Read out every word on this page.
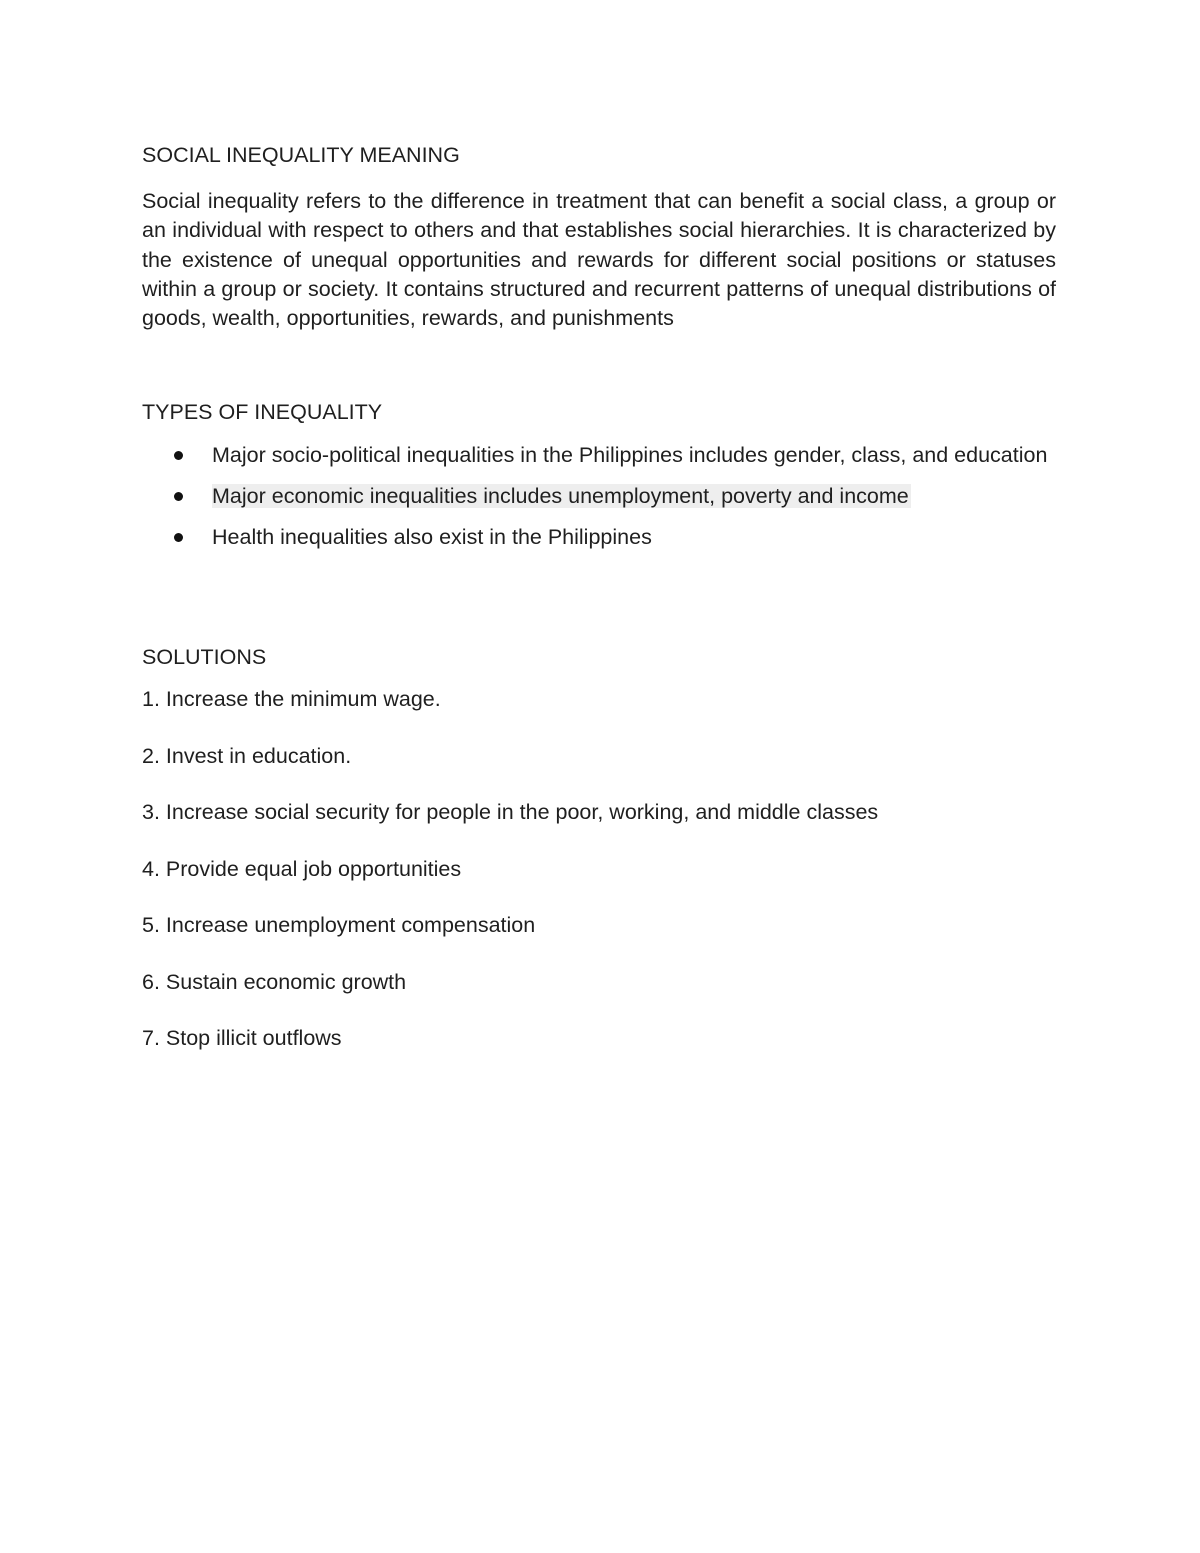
SOCIAL INEQUALITY MEANING

Social inequality refers to the difference in treatment that can benefit a social class, a group or an individual with respect to others and that establishes social hierarchies. It is characterized by the existence of unequal opportunities and rewards for different social positions or statuses within a group or society. It contains structured and recurrent patterns of unequal distributions of goods, wealth, opportunities, rewards, and punishments

TYPES OF INEQUALITY
Major socio-political inequalities in the Philippines includes gender, class, and education
Major economic inequalities includes unemployment, poverty and income
Health inequalities also exist in the Philippines
SOLUTIONS
1. Increase the minimum wage.
2. Invest in education.
3. Increase social security for people in the poor, working, and middle classes
4. Provide equal job opportunities
5. Increase unemployment compensation
6. Sustain economic growth
7. Stop illicit outflows
